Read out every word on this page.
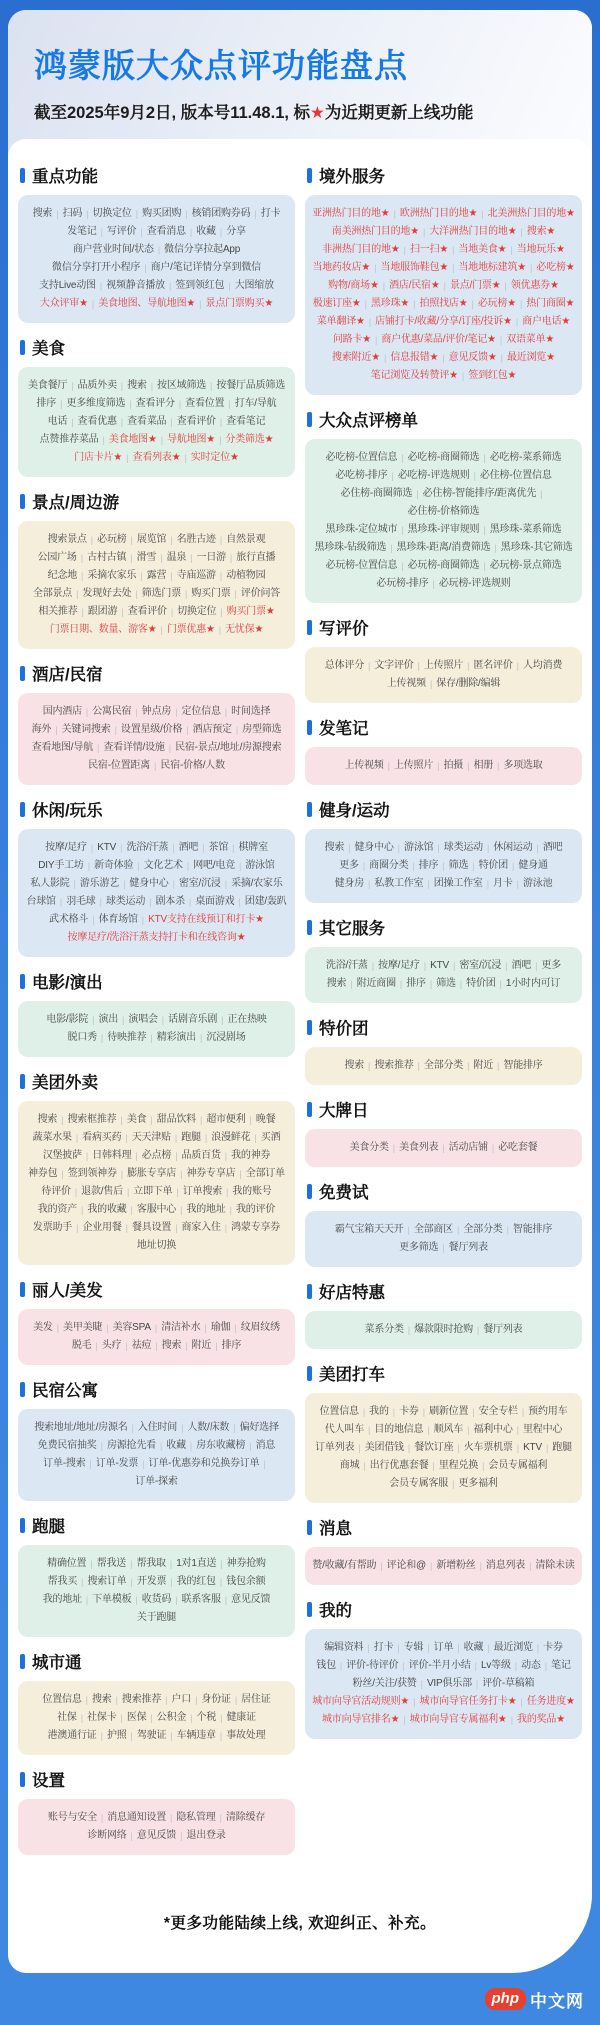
鸿蒙版大众点评功能盘点
截至2025年9月2日, 版本号11.48.1, 标★为近期更新上线功能
重点功能
搜索 | 扫码 | 切换定位 | 购买团购 | 核销团购券码 | 打卡
发笔记 | 写评价 | 查看消息 | 收藏 | 分享
商户营业时间/状态 | 微信分享拉起App
微信分享打开小程序 | 商户/笔记详情分享到微信
支持Live动图 | 视频静音播放 | 签到领红包 | 大图缩放
大众评审★ | 美食地图、导航地图★ | 景点门票购买★
美食
美食餐厅 | 品质外卖 | 搜索 | 按区域筛选 | 按餐厅品质筛选
排序 | 更多维度筛选 | 查看评分 | 查看位置 | 打车/导航
电话 | 查看优惠 | 查看菜品 | 查看评价 | 查看笔记
点赞推荐菜品 | 美食地图★ | 导航地图★ | 分类筛选★
门店卡片★ | 查看列表★ | 实时定位★
景点/周边游
搜索景点 | 必玩榜 | 展览馆 | 名胜古迹 | 自然景观
公园广场 | 古村古镇 | 滑雪 | 温泉 | 一日游 | 旅行直播
纪念地 | 采摘农家乐 | 露营 | 寺庙巡游 | 动植物园
全部景点 | 发现好去处 | 筛选门票 | 购买门票 | 评价问答
相关推荐 | 跟团游 | 查看评价 | 切换定位 | 购买门票★
门票日期、数量、游客★ | 门票优惠★ | 无忧保★
酒店/民宿
国内酒店 | 公寓民宿 | 钟点房 | 定位信息 | 时间选择
海外 | 关键词搜索 | 设置星级/价格 | 酒店预定 | 房型筛选
查看地图/导航 | 查看详情/设施 | 民宿-景点/地址/房源搜索
民宿-位置距离 | 民宿-价格/人数
休闲/玩乐
按摩/足疗 | KTV | 洗浴/汗蒸 | 酒吧 | 茶馆 | 棋牌室
DIY手工坊 | 新奇体验 | 文化艺术 | 网吧/电竞 | 游泳馆
私人影院 | 游乐游艺 | 健身中心 | 密室/沉浸 | 采摘/农家乐
台球馆 | 羽毛球 | 球类运动 | 剧本杀 | 桌面游戏 | 团建/轰趴
武术格斗 | 体育场馆 | KTV支持在线预订和打卡★
按摩足疗/洗浴汗蒸支持打卡和在线咨询★
电影/演出
电影/影院 | 演出 | 演唱会 | 话剧音乐剧 | 正在热映
脱口秀 | 待映推荐 | 精彩演出 | 沉浸剧场
美团外卖
搜索 | 搜索框推荐 | 美食 | 甜品饮料 | 超市便利 | 晚餐
蔬菜水果 | 看病买药 | 天天津贴 | 跑腿 | 浪漫鲜花 | 买酒
汉堡披萨 | 日韩料理 | 必点榜 | 品质百货 | 我的神券
神券包 | 签到领神券 | 膨胀专享店 | 神券专享店 | 全部订单
待评价 | 退款/售后 | 立即下单 | 订单搜索 | 我的账号
我的资产 | 我的收藏 | 客服中心 | 我的地址 | 我的评价
发票助手 | 企业用餐 | 餐具设置 | 商家入住 | 鸿蒙专享券
地址切换
丽人/美发
美发 | 美甲美睫 | 美容SPA | 清洁补水 | 瑜伽 | 纹眉纹绣
脱毛 | 头疗 | 祛痘 | 搜索 | 附近 | 排序
民宿公寓
搜索地址/地址/房源名 | 入住时间 | 人数/床数 | 偏好选择
免费民宿抽奖 | 房源抢先看 | 收藏 | 房东收藏榜 | 消息
订单-搜索 | 订单-发票 | 订单-优惠券和兑换券订单 |
订单-探索
跑腿
精确位置 | 帮我送 | 帮我取 | 1对1直送 | 神券抢购
帮我买 | 搜索订单 | 开发票 | 我的红包 | 钱包余额
我的地址 | 下单模板 | 收货码 | 联系客服 | 意见反馈
关于跑腿
城市通
位置信息 | 搜索 | 搜索推荐 | 户口 | 身份证 | 居住证
社保 | 社保卡 | 医保 | 公积金 | 个税 | 健康证
港澳通行证 | 护照 | 驾驶证 | 车辆违章 | 事故处理
设置
账号与安全 | 消息通知设置 | 隐私管理 | 清除缓存
诊断网络 | 意见反馈 | 退出登录
境外服务
亚洲热门目的地★ | 欧洲热门目的地★ | 北美洲热门目的地★
南美洲热门目的地★ | 大洋洲热门目的地★ | 搜索★
非洲热门目的地★ | 扫一扫★ | 当地美食★ | 当地玩乐★
当地药妆店★ | 当地服饰鞋包★ | 当地地标建筑★ | 必吃榜★
购物/商场★ | 酒店/民宿★ | 景点/门票★ | 领优惠券★
极速订座★ | 黑珍珠★ | 拍照找店★ | 必玩榜★ | 热门商圈★
菜单翻译★ | 店铺打卡/收藏/分享/订座/投诉★ | 商户电话★
问路卡★ | 商户优惠/菜品/评价/笔记★ | 双语菜单★
搜索附近★ | 信息报错★ | 意见反馈★ | 最近浏览★
笔记浏览及转赞评★ | 签到红包★
大众点评榜单
必吃榜-位置信息 | 必吃榜-商圈筛选 | 必吃榜-菜系筛选
必吃榜-排序 | 必吃榜-评选规则 | 必住榜-位置信息
必住榜-商圈筛选 | 必住榜-智能排序/距离优先 |
必住榜-价格筛选
黑珍珠-定位城市 | 黑珍珠-评审规则 | 黑珍珠-菜系筛选
黑珍珠-钻级筛选 | 黑珍珠-距离/消费筛选 | 黑珍珠-其它筛选
必玩榜-位置信息 | 必玩榜-商圈筛选 | 必玩榜-景点筛选
必玩榜-排序 | 必玩榜-评选规则
写评价
总体评分 | 文字评价 | 上传照片 | 匿名评价 | 人均消费
上传视频 | 保存/删除/编辑
发笔记
上传视频 | 上传照片 | 拍摄 | 相册 | 多项选取
健身/运动
搜索 | 健身中心 | 游泳馆 | 球类运动 | 休闲运动 | 酒吧
更多 | 商圈分类 | 排序 | 筛选 | 特价团 | 健身通
健身房 | 私教工作室 | 团操工作室 | 月卡 | 游泳池
其它服务
洗浴/汗蒸 | 按摩/足疗 | KTV | 密室/沉浸 | 酒吧 | 更多
搜索 | 附近商圈 | 排序 | 筛选 | 特价团 | 1小时内可订
特价团
搜索 | 搜索推荐 | 全部分类 | 附近 | 智能排序
大牌日
美食分类 | 美食列表 | 活动店铺 | 必吃套餐
免费试
霸气宝箱天天开 | 全部商区 | 全部分类 | 智能排序
更多筛选 | 餐厅列表
好店特惠
菜系分类 | 爆款限时抢购 | 餐厅列表
美团打车
位置信息 | 我的 | 卡券 | 刷新位置 | 安全专栏 | 预约用车
代人叫车 | 目的地信息 | 顺风车 | 福利中心 | 里程中心
订单列表 | 美团借钱 | 餐饮订座 | 火车票机票 | KTV | 跑腿
商城 | 出行优惠套餐 | 里程兑换 | 会员专属福利
会员专属客服 | 更多福利
消息
赞/收藏/有帮助 | 评论和@ | 新增粉丝 | 消息列表 | 清除未读
我的
编辑资料 | 打卡 | 专辑 | 订单 | 收藏 | 最近浏览 | 卡券
钱包 | 评价-待评价 | 评价-半月小结 | Lv等级 | 动态 | 笔记
粉丝/关注/获赞 | VIP俱乐部 | 评价-草稿箱
城市向导官活动规则★ | 城市向导官任务打卡★ | 任务进度★
城市向导官排名★ | 城市向导官专属福利★ | 我的奖品★
*更多功能陆续上线, 欢迎纠正、补充。
php 中文网
